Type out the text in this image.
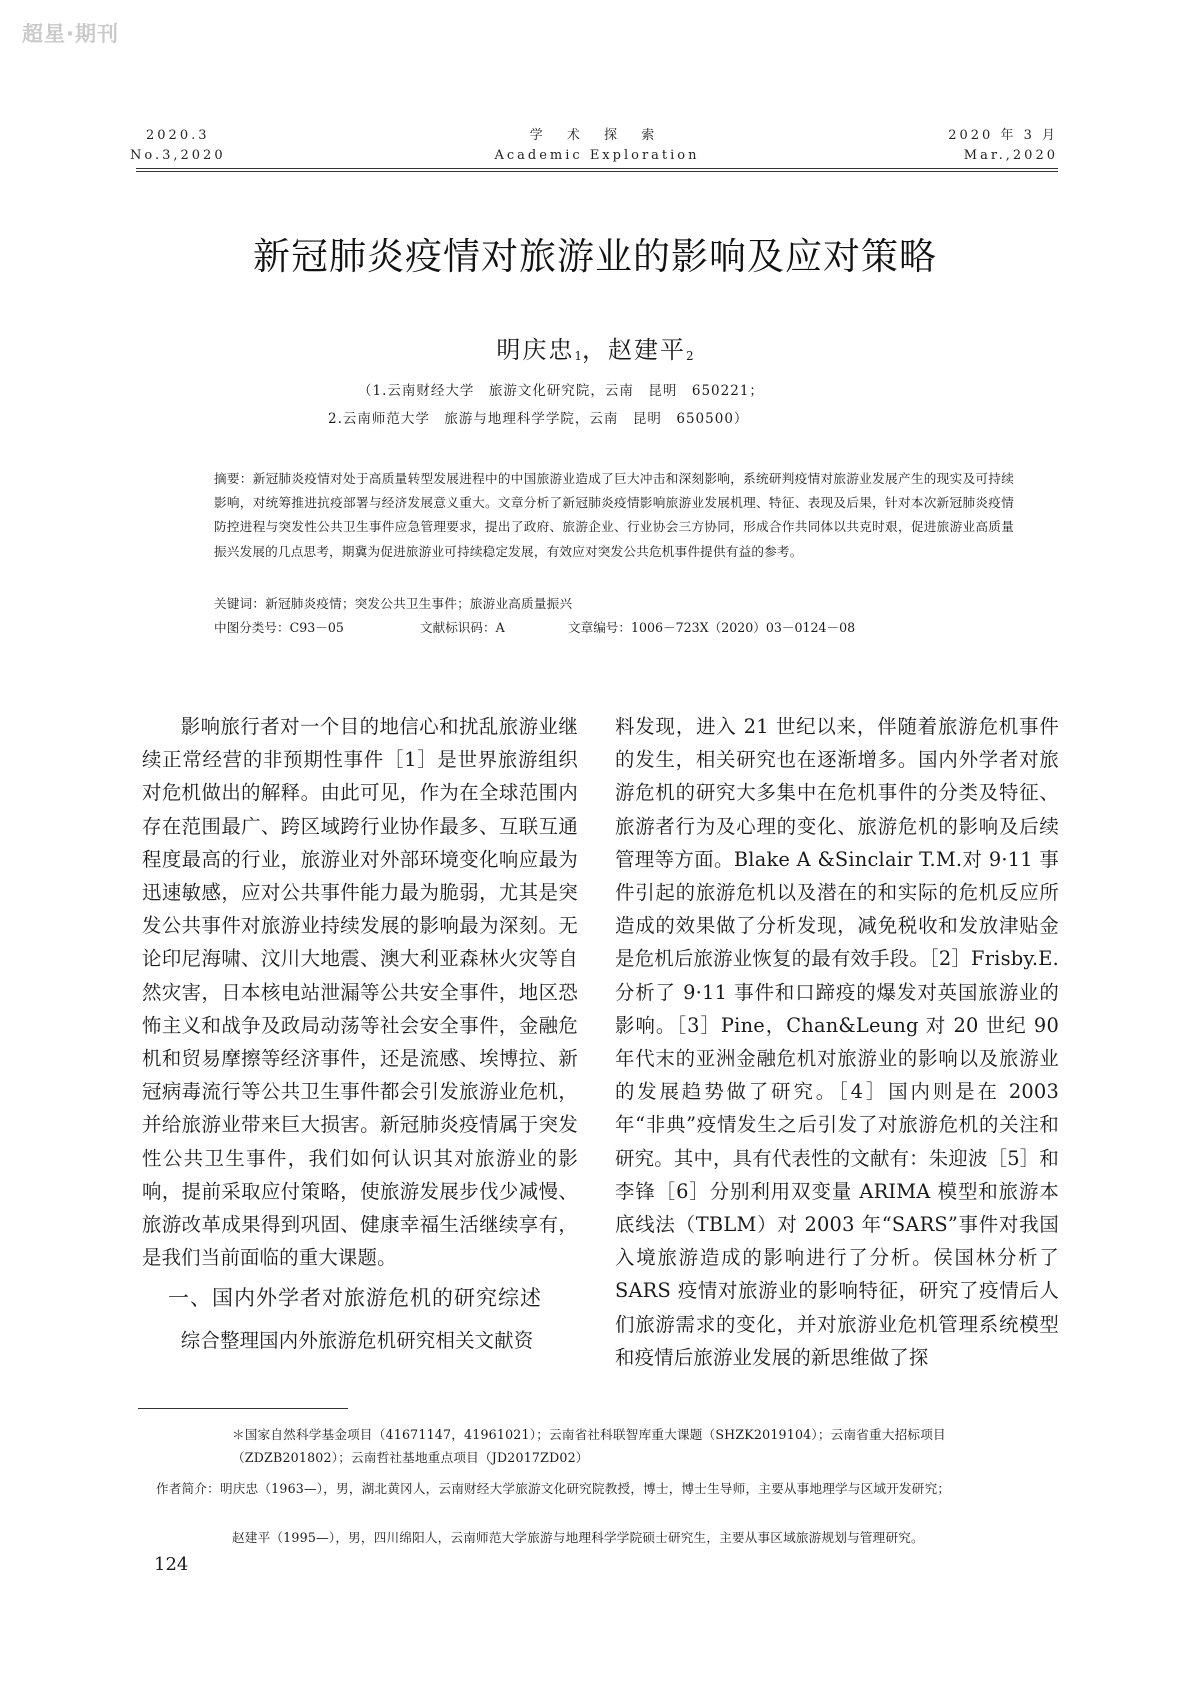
超星·期刊
2020.3
No.3,2020
学 术 探 索
Academic Exploration
2020 年 3 月
Mar.,2020
新冠肺炎疫情对旅游业的影响及应对策略
明庆忠$_1$，赵建平$_2$
（1.云南财经大学　旅游文化研究院，云南　昆明　650221；
2.云南师范大学　旅游与地理科学学院，云南　昆明　650500）
摘要：新冠肺炎疫情对处于高质量转型发展进程中的中国旅游业造成了巨大冲击和深刻影响，系统研判疫情对旅游业发展产生的现实及可持续影响，对统筹推进抗疫部署与经济发展意义重大。文章分析了新冠肺炎疫情影响旅游业发展机理、特征、表现及后果，针对本次新冠肺炎疫情防控进程与突发性公共卫生事件应急管理要求，提出了政府、旅游企业、行业协会三方协同，形成合作共同体以共克时艰，促进旅游业高质量振兴发展的几点思考，期冀为促进旅游业可持续稳定发展，有效应对突发公共危机事件提供有益的参考。
关键词：新冠肺炎疫情；突发公共卫生事件；旅游业高质量振兴
中图分类号：C93－05	文献标识码：A	文章编号：1006－723X（2020）03－0124－08

影响旅行者对一个目的地信心和扰乱旅游业继续正常经营的非预期性事件［1］是世界旅游组织对危机做出的解释。由此可见，作为在全球范围内存在范围最广、跨区域跨行业协作最多、互联互通程度最高的行业，旅游业对外部环境变化响应最为迅速敏感，应对公共事件能力最为脆弱，尤其是突发公共事件对旅游业持续发展的影响最为深刻。无论印尼海啸、汶川大地震、澳大利亚森林火灾等自然灾害，日本核电站泄漏等公共安全事件，地区恐怖主义和战争及政局动荡等社会安全事件，金融危机和贸易摩擦等经济事件，还是流感、埃博拉、新冠病毒流行等公共卫生事件都会引发旅游业危机，并给旅游业带来巨大损害。新冠肺炎疫情属于突发性公共卫生事件，我们如何认识其对旅游业的影响，提前采取应付策略，使旅游发展步伐少减慢、旅游改革成果得到巩固、健康幸福生活继续享有，是我们当前面临的重大课题。

一、国内外学者对旅游危机的研究综述

综合整理国内外旅游危机研究相关文献资

料发现，进入 21 世纪以来，伴随着旅游危机事件的发生，相关研究也在逐渐增多。国内外学者对旅游危机的研究大多集中在危机事件的分类及特征、旅游者行为及心理的变化、旅游危机的影响及后续管理等方面。Blake A &Sinclair T.M.对 9·11 事件引起的旅游危机以及潜在的和实际的危机反应所造成的效果做了分析发现，减免税收和发放津贴金是危机后旅游业恢复的最有效手段。［2］Frisby.E.分析了 9·11 事件和口蹄疫的爆发对英国旅游业的影响。［3］Pine，Chan&Leung 对 20 世纪 90 年代末的亚洲金融危机对旅游业的影响以及旅游业的发展趋势做了研究。［4］国内则是在 2003 年“非典”疫情发生之后引发了对旅游危机的关注和研究。其中，具有代表性的文献有：朱迎波［5］和李锋［6］分别利用双变量 ARIMA 模型和旅游本底线法（TBLM）对 2003 年“SARS”事件对我国入境旅游造成的影响进行了分析。侯国林分析了 SARS 疫情对旅游业的影响特征，研究了疫情后人们旅游需求的变化，并对旅游业危机管理系统模型和疫情后旅游业发展的新思维做了探

＊国家自然科学基金项目（41671147，41961021）；云南省社科联智库重大课题（SHZK2019104）；云南省重大招标项目（ZDZB201802）；云南哲社基地重点项目（JD2017ZD02）
作者简介：明庆忠（1963—），男，湖北黄冈人，云南财经大学旅游文化研究院教授，博士，博士生导师，主要从事地理学与区域开发研究；
赵建平（1995—），男，四川绵阳人，云南师范大学旅游与地理科学学院硕士研究生，主要从事区域旅游规划与管理研究。
124
